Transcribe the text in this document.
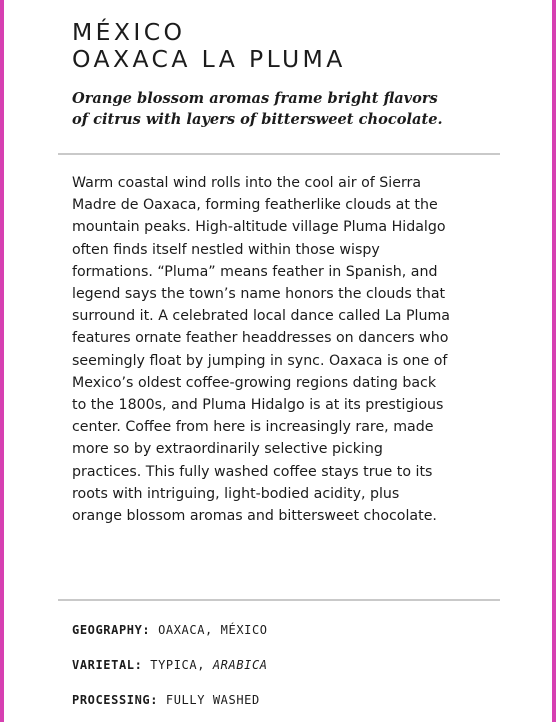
MÉXICO
OAXACA LA PLUMA

Orange blossom aromas frame bright flavors
of citrus with layers of bittersweet chocolate.

Warm coastal wind rolls into the cool air of Sierra
Madre de Oaxaca, forming featherlike clouds at the
mountain peaks. High-altitude village Pluma Hidalgo
often finds itself nestled within those wispy
formations. “Pluma” means feather in Spanish, and
legend says the town’s name honors the clouds that
surround it. A celebrated local dance called La Pluma
features ornate feather headdresses on dancers who
seemingly float by jumping in sync. Oaxaca is one of
Mexico’s oldest coffee-growing regions dating back
to the 1800s, and Pluma Hidalgo is at its prestigious
center. Coffee from here is increasingly rare, made
more so by extraordinarily selective picking
practices. This fully washed coffee stays true to its
roots with intriguing, light-bodied acidity, plus
orange blossom aromas and bittersweet chocolate.

GEOGRAPHY: OAXACA, MÉXICO
VARIETAL: TYPICA, ARABICA
PROCESSING: FULLY WASHED
